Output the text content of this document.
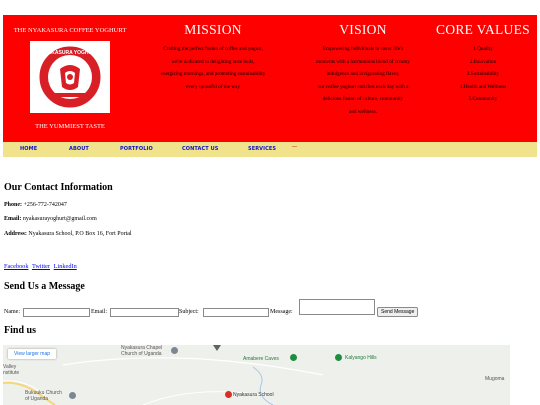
THE NYAKASURA COFFEE YOGHURT
NYAKASURA YOGHURT
THE YUMMIEST TASTE
MISSION
Crafting the perfect fusion of coffee and yogurt,
we're dedicated to delighting taste buds,
energizing mornings, and promoting sustainability
every spoonful of the way
VISION
Empowering individuals to savor life's
moments with a harmonious blend of creamy
indulgence and invigorating flavor,
our coffee yoghurt enriches each day with a
delicious fusion of culture, community
and wellness.
CORE VALUES
1.Quality
2.Innovation
3.Sustainability
4.Health and Wellness
5.Community
HOME	ABOUT	PORTFOLIO	CONTACT US	SERVICES	—
Our Contact Information
Phone: +256-772-742047
Email: nyakasurayoghurt@gmail.com
Address: Nyakasura School, P.O Box 16, Fort Portal
Facebook Twitter LinkedIn
Send Us a Message
Name:	Email:	Subject:	Message:	Send Message
Find us
View larger map
Nyakasura Chapel
Church of Uganda
Amabere Caves	Kalyango Hills
Valley
nstitute
Bukuuku Church
of Uganda
Nyakasura School
Mugoma
